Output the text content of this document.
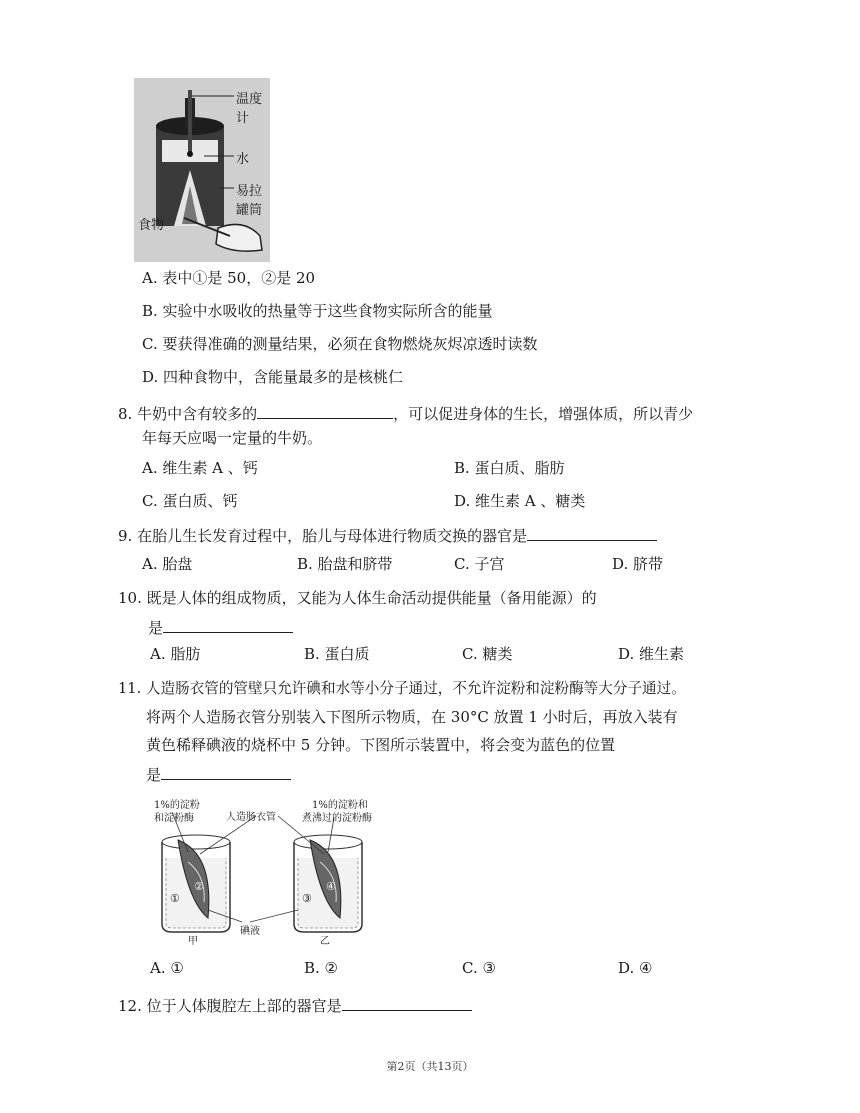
温度计
水
易拉罐筒
食物
A. 表中①是 50，②是 20
B. 实验中水吸收的热量等于这些食物实际所含的能量
C. 要获得准确的测量结果，必须在食物燃烧灰烬凉透时读数
D. 四种食物中，含能量最多的是核桃仁
8. 牛奶中含有较多的	，可以促进身体的生长，增强体质，所以青少
年每天应喝一定量的牛奶。
A. 维生素 A 、钙	B. 蛋白质、脂肪
C. 蛋白质、钙	D. 维生素 A 、糖类
9. 在胎儿生长发育过程中，胎儿与母体进行物质交换的器官是
A. 胎盘	B. 胎盘和脐带	C. 子宫	D. 脐带
10. 既是人体的组成物质，又能为人体生命活动提供能量（备用能源）的
是
A. 脂肪	B. 蛋白质	C. 糖类	D. 维生素
11. 人造肠衣管的管壁只允许碘和水等小分子通过，不允许淀粉和淀粉酶等大分子通过。
将两个人造肠衣管分别装入下图所示物质，在 30°C 放置 1 小时后，再放入装有
黄色稀释碘液的烧杯中 5 分钟。下图所示装置中，将会变为蓝色的位置
是
1%的淀粉
和淀粉酶	人造肠衣管
1%的淀粉和
煮沸过的淀粉酶
碘液
甲	乙
①
②
③
④
A. ①	B. ②	C. ③	D. ④
12. 位于人体腹腔左上部的器官是
第2页（共13页）
